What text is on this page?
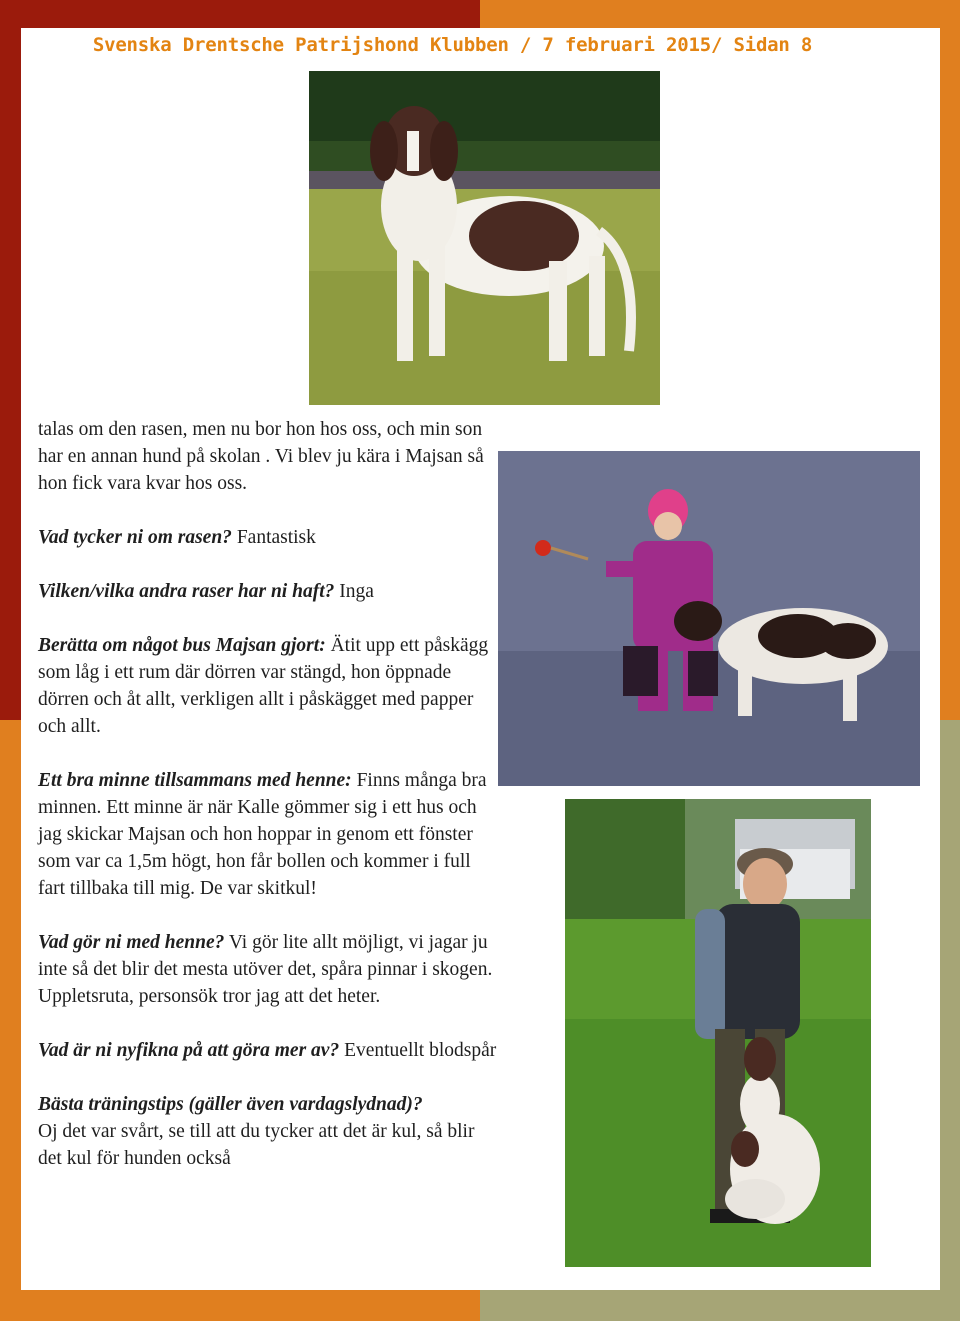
Svenska Drentsche Patrijshond Klubben / 7 februari 2015/ Sidan 8

talas om den rasen, men nu bor hon hos oss, och min son har en annan hund på skolan . Vi blev ju kära i Majsan så hon fick vara kvar hos oss.

Vad tycker ni om rasen? Fantastisk

Vilken/vilka andra raser har ni haft? Inga

Berätta om något bus Majsan gjort: Ätit upp ett påskägg som låg i ett rum där dörren var stängd, hon öppnade dörren och åt allt, verkligen allt i påskägget med papper och allt.

Ett bra minne tillsammans med henne: Finns många bra minnen. Ett minne är när Kalle gömmer sig i ett hus och jag skickar Majsan och hon hoppar in genom ett fönster som var ca 1,5m högt, hon får bollen och kommer i full fart tillbaka till mig. De var skitkul!

Vad gör ni med henne? Vi gör lite allt möjligt, vi jagar ju inte så det blir det mesta utöver det, spåra pinnar i skogen. Uppletsruta, personsök tror jag att det heter.

Vad är ni nyfikna på att göra mer av? Eventuellt blodspår

Bästa träningstips (gäller även vardagslydnad)?
Oj det var svårt, se till att du tycker att det är kul, så blir det kul för hunden också
